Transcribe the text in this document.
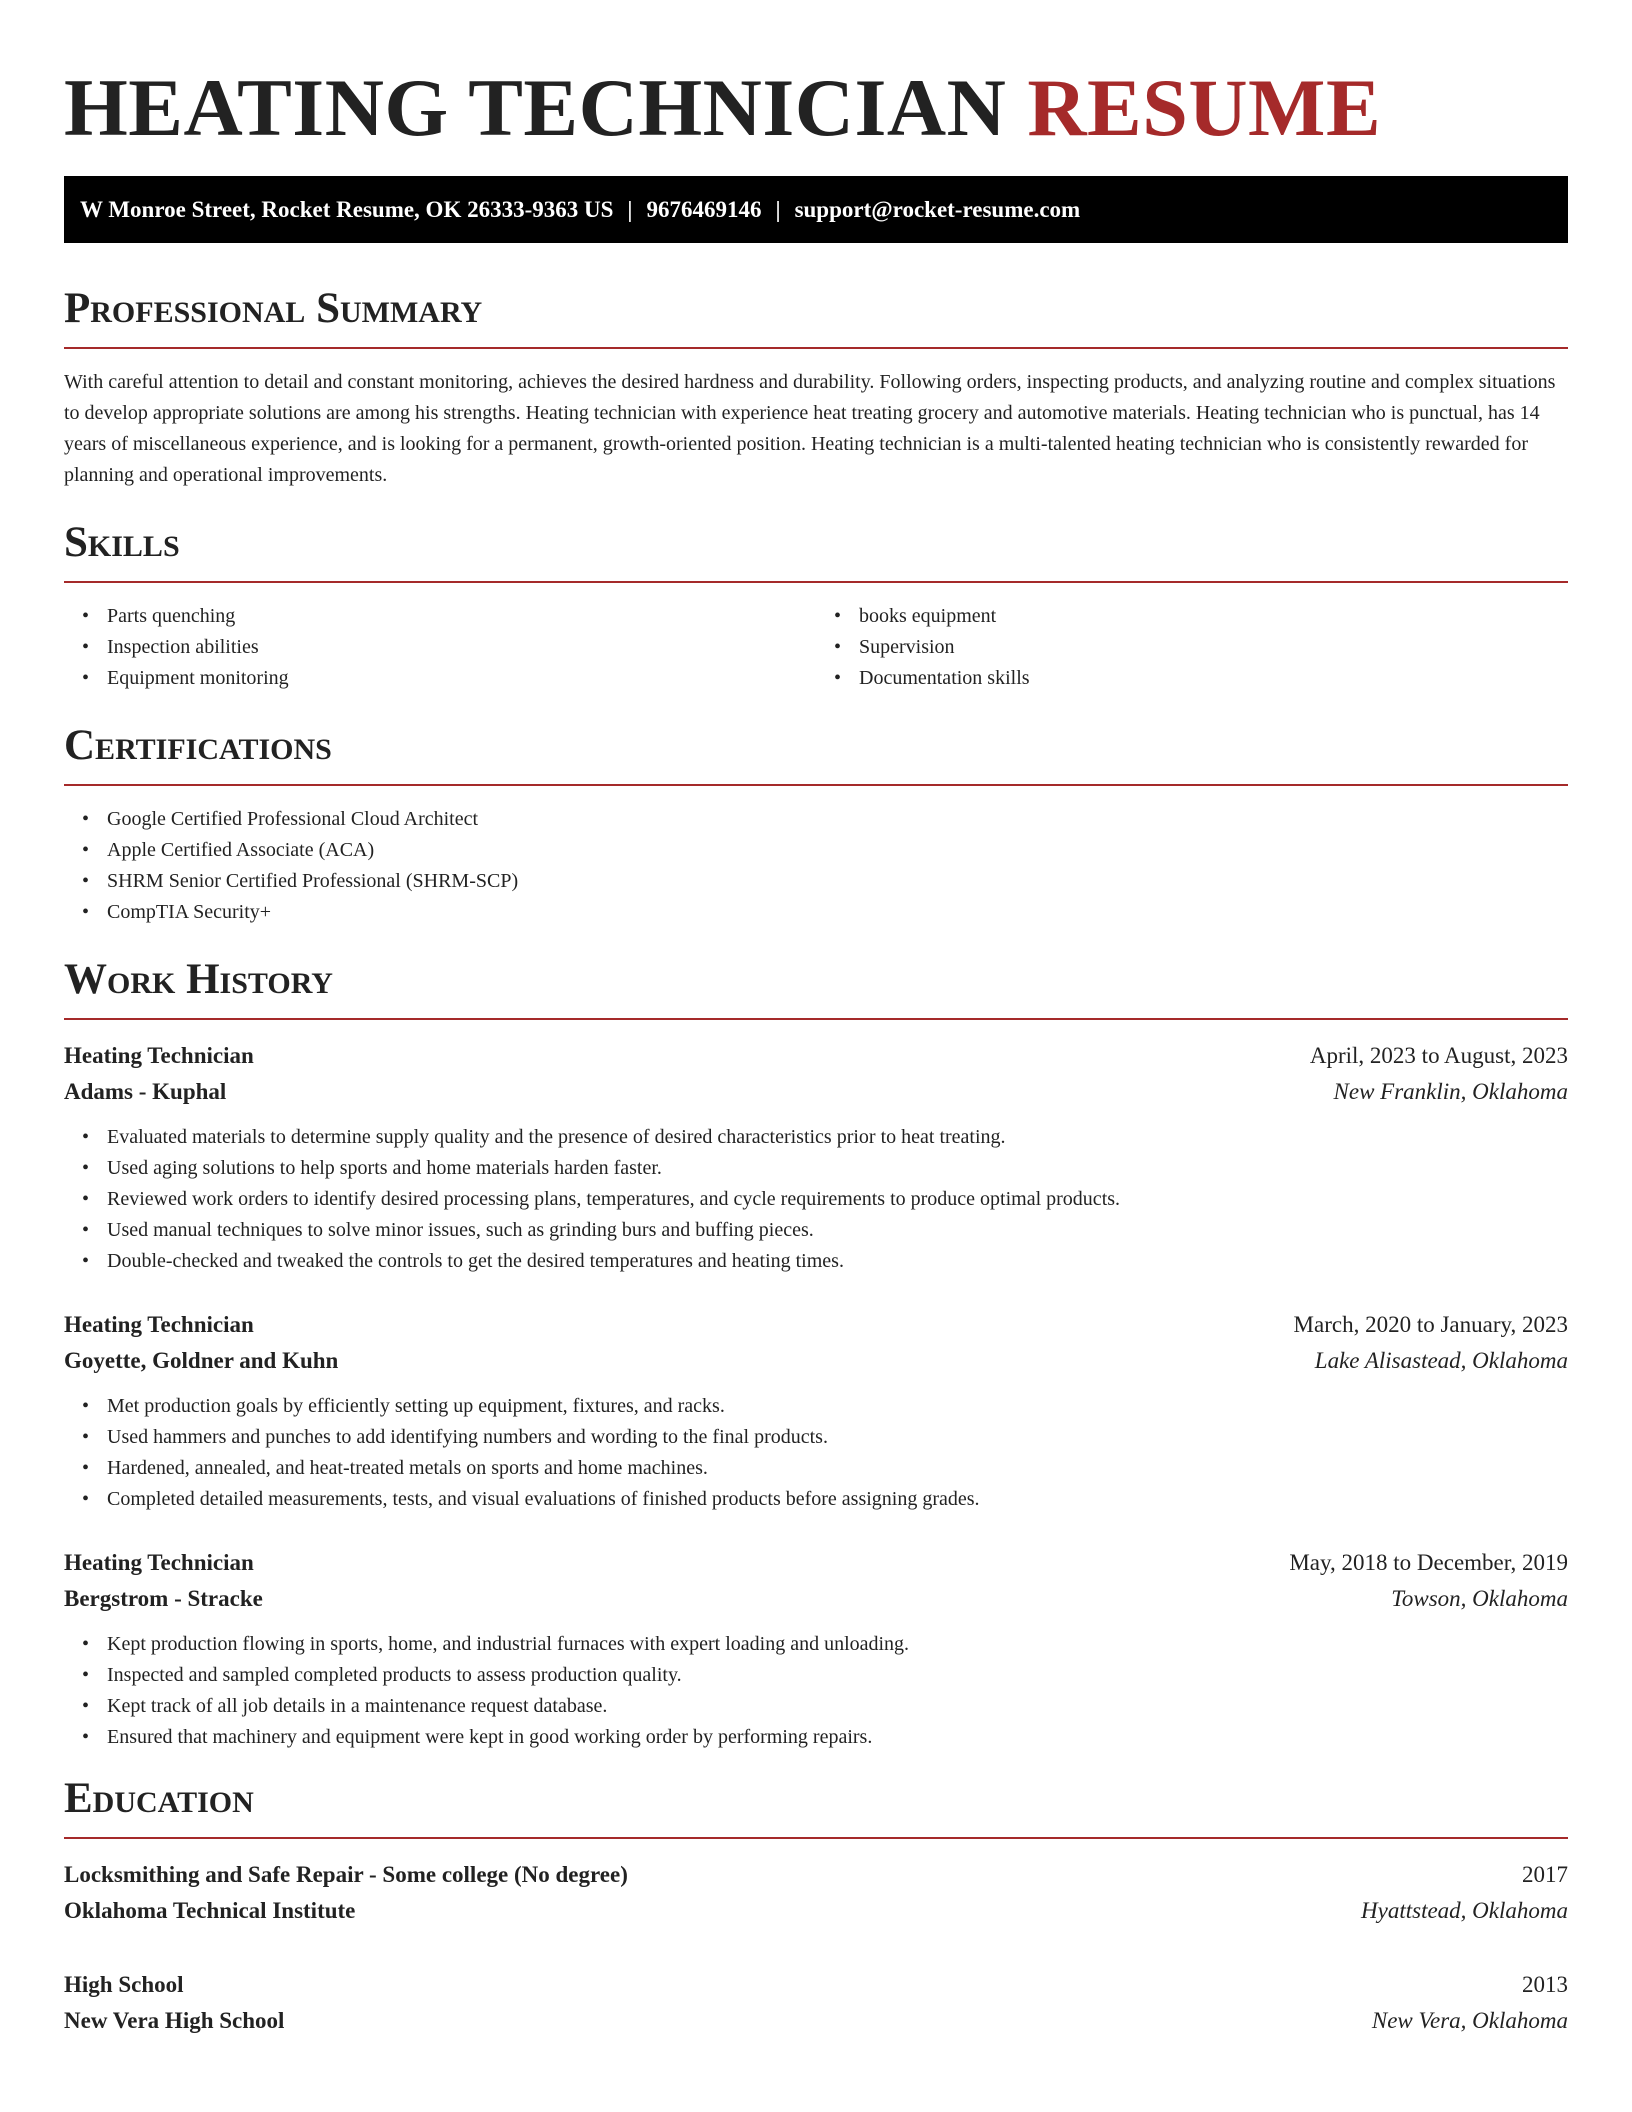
HEATING TECHNICIAN RESUME
W Monroe Street, Rocket Resume, OK 26333-9363 US | 9676469146 | support@rocket-resume.com
Professional Summary

With careful attention to detail and constant monitoring, achieves the desired hardness and durability. Following orders, inspecting products, and analyzing routine and complex situations to develop appropriate solutions are among his strengths. Heating technician with experience heat treating grocery and automotive materials. Heating technician who is punctual, has 14 years of miscellaneous experience, and is looking for a permanent, growth-oriented position. Heating technician is a multi-talented heating technician who is consistently rewarded for planning and operational improvements.

Skills
• Parts quenching
• Inspection abilities
• Equipment monitoring
• books equipment
• Supervision
• Documentation skills
Certifications
• Google Certified Professional Cloud Architect
• Apple Certified Associate (ACA)
• SHRM Senior Certified Professional (SHRM-SCP)
• CompTIA Security+
Work History
Heating Technician	April, 2023 to August, 2023
Adams - Kuphal	New Franklin, Oklahoma
• Evaluated materials to determine supply quality and the presence of desired characteristics prior to heat treating.
• Used aging solutions to help sports and home materials harden faster.
• Reviewed work orders to identify desired processing plans, temperatures, and cycle requirements to produce optimal products.
• Used manual techniques to solve minor issues, such as grinding burs and buffing pieces.
• Double-checked and tweaked the controls to get the desired temperatures and heating times.
Heating Technician	March, 2020 to January, 2023
Goyette, Goldner and Kuhn	Lake Alisastead, Oklahoma
• Met production goals by efficiently setting up equipment, fixtures, and racks.
• Used hammers and punches to add identifying numbers and wording to the final products.
• Hardened, annealed, and heat-treated metals on sports and home machines.
• Completed detailed measurements, tests, and visual evaluations of finished products before assigning grades.
Heating Technician	May, 2018 to December, 2019
Bergstrom - Stracke	Towson, Oklahoma
• Kept production flowing in sports, home, and industrial furnaces with expert loading and unloading.
• Inspected and sampled completed products to assess production quality.
• Kept track of all job details in a maintenance request database.
• Ensured that machinery and equipment were kept in good working order by performing repairs.
Education
Locksmithing and Safe Repair - Some college (No degree)	2017
Oklahoma Technical Institute	Hyattstead, Oklahoma
High School	2013
New Vera High School	New Vera, Oklahoma
